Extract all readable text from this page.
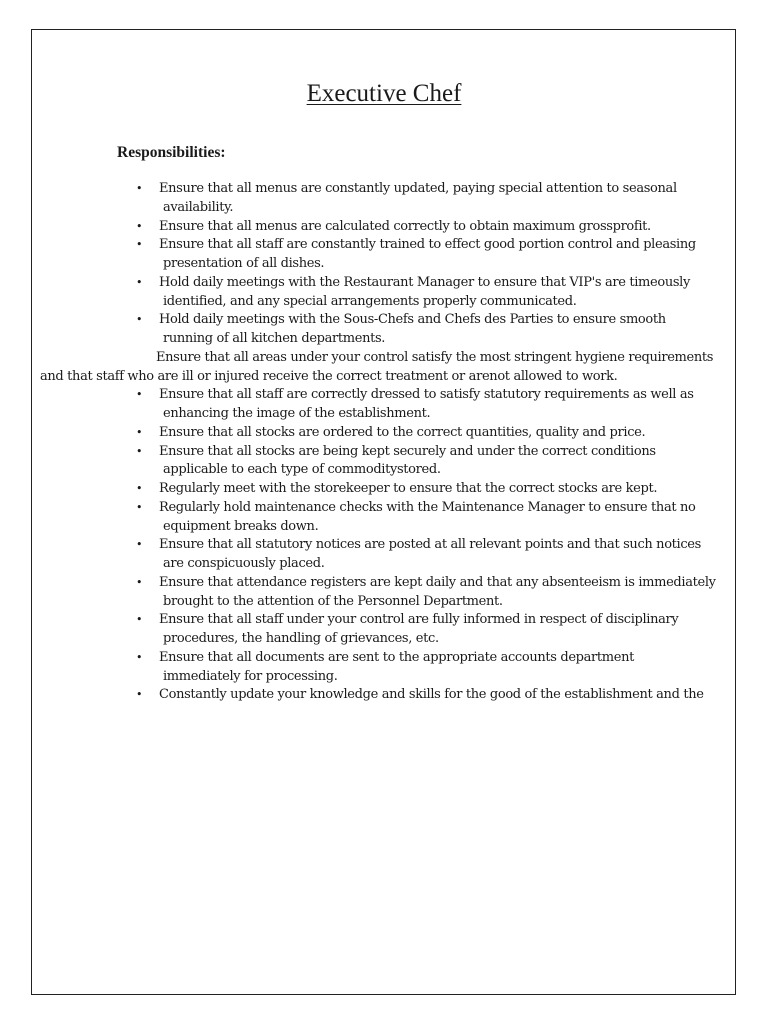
Executive Chef
Responsibilities:
• Ensure that all menus are constantly updated, paying special attention to seasonal
availability.
• Ensure that all menus are calculated correctly to obtain maximum grossprofit.
• Ensure that all staff are constantly trained to effect good portion control and pleasing
presentation of all dishes.
• Hold daily meetings with the Restaurant Manager to ensure that VIP's are timeously
identified, and any special arrangements properly communicated.
• Hold daily meetings with the Sous-Chefs and Chefs des Parties to ensure smooth
running of all kitchen departments.
Ensure that all areas under your control satisfy the most stringent hygiene requirements
and that staff who are ill or injured receive the correct treatment or arenot allowed to work.
• Ensure that all staff are correctly dressed to satisfy statutory requirements as well as
enhancing the image of the establishment.
• Ensure that all stocks are ordered to the correct quantities, quality and price.
• Ensure that all stocks are being kept securely and under the correct conditions
applicable to each type of commoditystored.
• Regularly meet with the storekeeper to ensure that the correct stocks are kept.
• Regularly hold maintenance checks with the Maintenance Manager to ensure that no
equipment breaks down.
• Ensure that all statutory notices are posted at all relevant points and that such notices
are conspicuously placed.
• Ensure that attendance registers are kept daily and that any absenteeism is immediately
brought to the attention of the Personnel Department.
• Ensure that all staff under your control are fully informed in respect of disciplinary
procedures, the handling of grievances, etc.
• Ensure that all documents are sent to the appropriate accounts department
immediately for processing.
• Constantly update your knowledge and skills for the good of the establishment and the
